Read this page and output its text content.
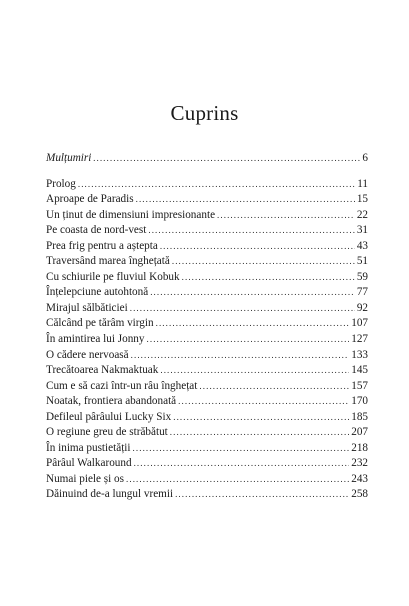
Cuprins
Mulțumiri .....	6
Prolog .....	11
Aproape de Paradis .....	15
Un ținut de dimensiuni impresionante .....	22
Pe coasta de nord-vest .....	31
Prea frig pentru a aștepta .....	43
Traversând marea înghețată .....	51
Cu schiurile pe fluviul Kobuk .....	59
Înțelepciune autohtonă .....	77
Mirajul sălbăticiei .....	92
Călcând pe tărâm virgin .....	107
În amintirea lui Jonny .....	127
O cădere nervoasă .....	133
Trecătoarea Nakmaktuak .....	145
Cum e să cazi într-un râu înghețat .....	157
Noatak, frontiera abandonată .....	170
Defileul pârâului Lucky Six .....	185
O regiune greu de străbătut .....	207
În inima pustietății .....	218
Pârâul Walkaround .....	232
Numai piele și os .....	243
Dăinuind de-a lungul vremii .....	258
